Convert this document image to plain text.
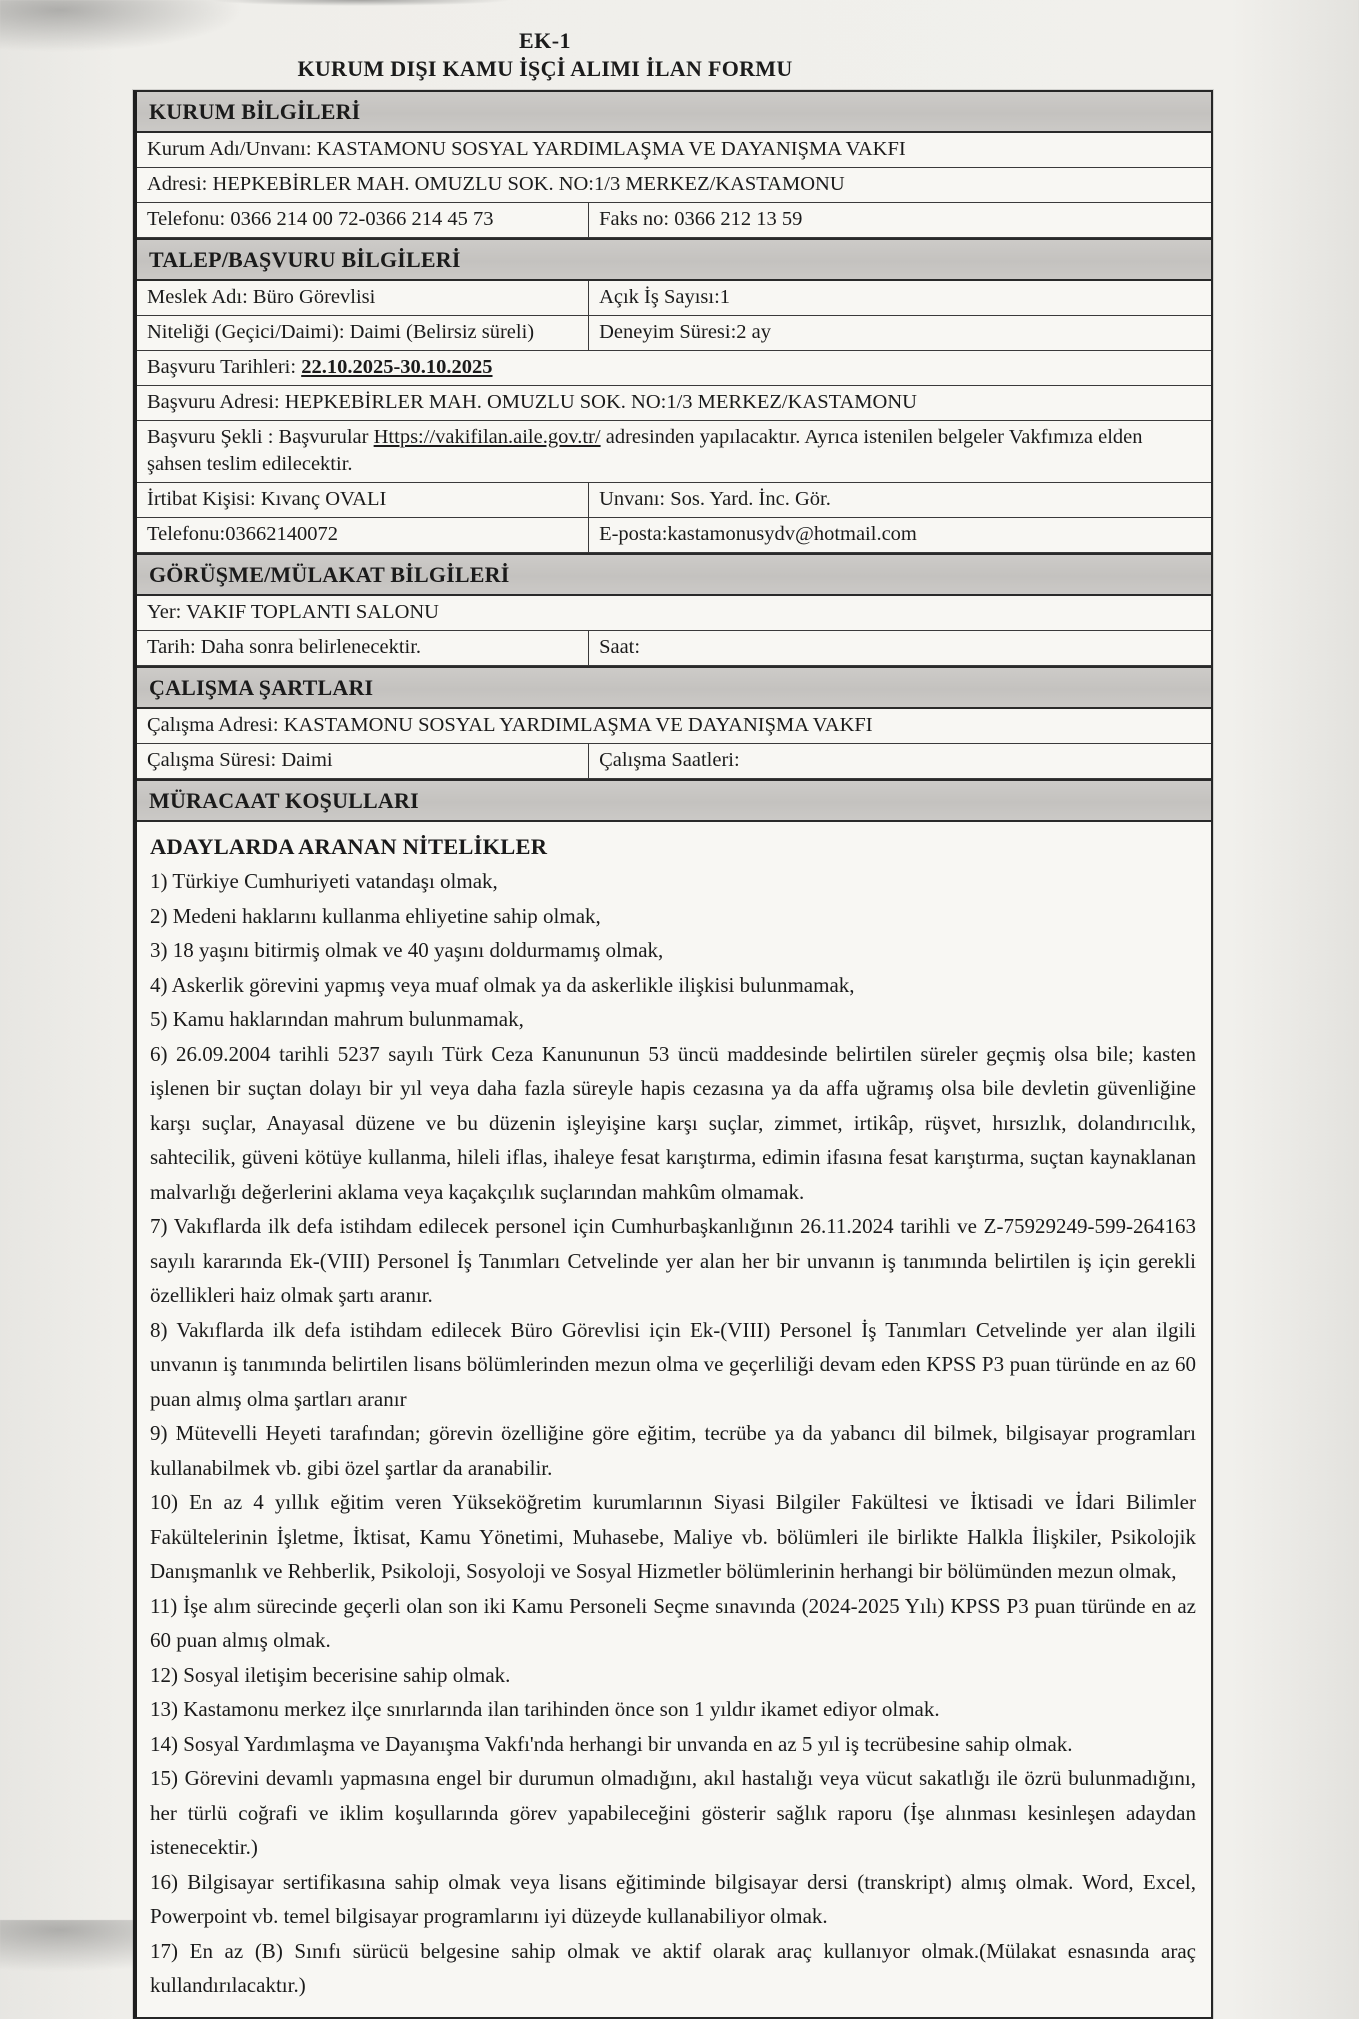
EK-1
KURUM DIŞI KAMU İŞÇİ ALIMI İLAN FORMU
KURUM BİLGİLERİ
Kurum Adı/Unvanı: KASTAMONU SOSYAL YARDIMLAŞMA VE DAYANIŞMA VAKFI
Adresi: HEPKEBİRLER MAH. OMUZLU SOK. NO:1/3 MERKEZ/KASTAMONU
Telefonu: 0366 214 00 72-0366 214 45 73	Faks no: 0366 212 13 59
TALEP/BAŞVURU BİLGİLERİ
Meslek Adı: Büro Görevlisi	Açık İş Sayısı:1
Niteliği (Geçici/Daimi): Daimi (Belirsiz süreli)	Deneyim Süresi:2 ay
Başvuru Tarihleri: 22.10.2025-30.10.2025
Başvuru Adresi: HEPKEBİRLER MAH. OMUZLU SOK. NO:1/3 MERKEZ/KASTAMONU
Başvuru Şekli : Başvurular Https://vakifilan.aile.gov.tr/ adresinden yapılacaktır. Ayrıca istenilen belgeler Vakfımıza elden şahsen teslim edilecektir.
İrtibat Kişisi: Kıvanç OVALI	Unvanı: Sos. Yard. İnc. Gör.
Telefonu:03662140072	E-posta:kastamonusydv@hotmail.com
GÖRÜŞME/MÜLAKAT BİLGİLERİ
Yer: VAKIF TOPLANTI SALONU
Tarih: Daha sonra belirlenecektir.	Saat:
ÇALIŞMA ŞARTLARI
Çalışma Adresi: KASTAMONU SOSYAL YARDIMLAŞMA VE DAYANIŞMA VAKFI
Çalışma Süresi: Daimi	Çalışma Saatleri:
MÜRACAAT KOŞULLARI
ADAYLARDA ARANAN NİTELİKLER

1) Türkiye Cumhuriyeti vatandaşı olmak,

2) Medeni haklarını kullanma ehliyetine sahip olmak,

3) 18 yaşını bitirmiş olmak ve 40 yaşını doldurmamış olmak,

4) Askerlik görevini yapmış veya muaf olmak ya da askerlikle ilişkisi bulunmamak,

5) Kamu haklarından mahrum bulunmamak,

6) 26.09.2004 tarihli 5237 sayılı Türk Ceza Kanununun 53 üncü maddesinde belirtilen süreler geçmiş olsa bile; kasten işlenen bir suçtan dolayı bir yıl veya daha fazla süreyle hapis cezasına ya da affa uğramış olsa bile devletin güvenliğine karşı suçlar, Anayasal düzene ve bu düzenin işleyişine karşı suçlar, zimmet, irtikâp, rüşvet, hırsızlık, dolandırıcılık, sahtecilik, güveni kötüye kullanma, hileli iflas, ihaleye fesat karıştırma, edimin ifasına fesat karıştırma, suçtan kaynaklanan malvarlığı değerlerini aklama veya kaçakçılık suçlarından mahkûm olmamak.

7) Vakıflarda ilk defa istihdam edilecek personel için Cumhurbaşkanlığının 26.11.2024 tarihli ve Z-75929249-599-264163 sayılı kararında Ek-(VIII) Personel İş Tanımları Cetvelinde yer alan her bir unvanın iş tanımında belirtilen iş için gerekli özellikleri haiz olmak şartı aranır.

8) Vakıflarda ilk defa istihdam edilecek Büro Görevlisi için Ek-(VIII) Personel İş Tanımları Cetvelinde yer alan ilgili unvanın iş tanımında belirtilen lisans bölümlerinden mezun olma ve geçerliliği devam eden KPSS P3 puan türünde en az 60 puan almış olma şartları aranır

9) Mütevelli Heyeti tarafından; görevin özelliğine göre eğitim, tecrübe ya da yabancı dil bilmek, bilgisayar programları kullanabilmek vb. gibi özel şartlar da aranabilir.

10) En az 4 yıllık eğitim veren Yükseköğretim kurumlarının Siyasi Bilgiler Fakültesi ve İktisadi ve İdari Bilimler Fakültelerinin İşletme, İktisat, Kamu Yönetimi, Muhasebe, Maliye vb. bölümleri ile birlikte Halkla İlişkiler, Psikolojik Danışmanlık ve Rehberlik, Psikoloji, Sosyoloji ve Sosyal Hizmetler bölümlerinin herhangi bir bölümünden mezun olmak,

11) İşe alım sürecinde geçerli olan son iki Kamu Personeli Seçme sınavında (2024-2025 Yılı) KPSS P3 puan türünde en az 60 puan almış olmak.

12) Sosyal iletişim becerisine sahip olmak.

13) Kastamonu merkez ilçe sınırlarında ilan tarihinden önce son 1 yıldır ikamet ediyor olmak.

14) Sosyal Yardımlaşma ve Dayanışma Vakfı'nda herhangi bir unvanda en az 5 yıl iş tecrübesine sahip olmak.

15) Görevini devamlı yapmasına engel bir durumun olmadığını, akıl hastalığı veya vücut sakatlığı ile özrü bulunmadığını, her türlü coğrafi ve iklim koşullarında görev yapabileceğini gösterir sağlık raporu (İşe alınması kesinleşen adaydan istenecektir.)

16) Bilgisayar sertifikasına sahip olmak veya lisans eğitiminde bilgisayar dersi (transkript) almış olmak. Word, Excel, Powerpoint vb. temel bilgisayar programlarını iyi düzeyde kullanabiliyor olmak.

17) En az (B) Sınıfı sürücü belgesine sahip olmak ve aktif olarak araç kullanıyor olmak.(Mülakat esnasında araç kullandırılacaktır.)
